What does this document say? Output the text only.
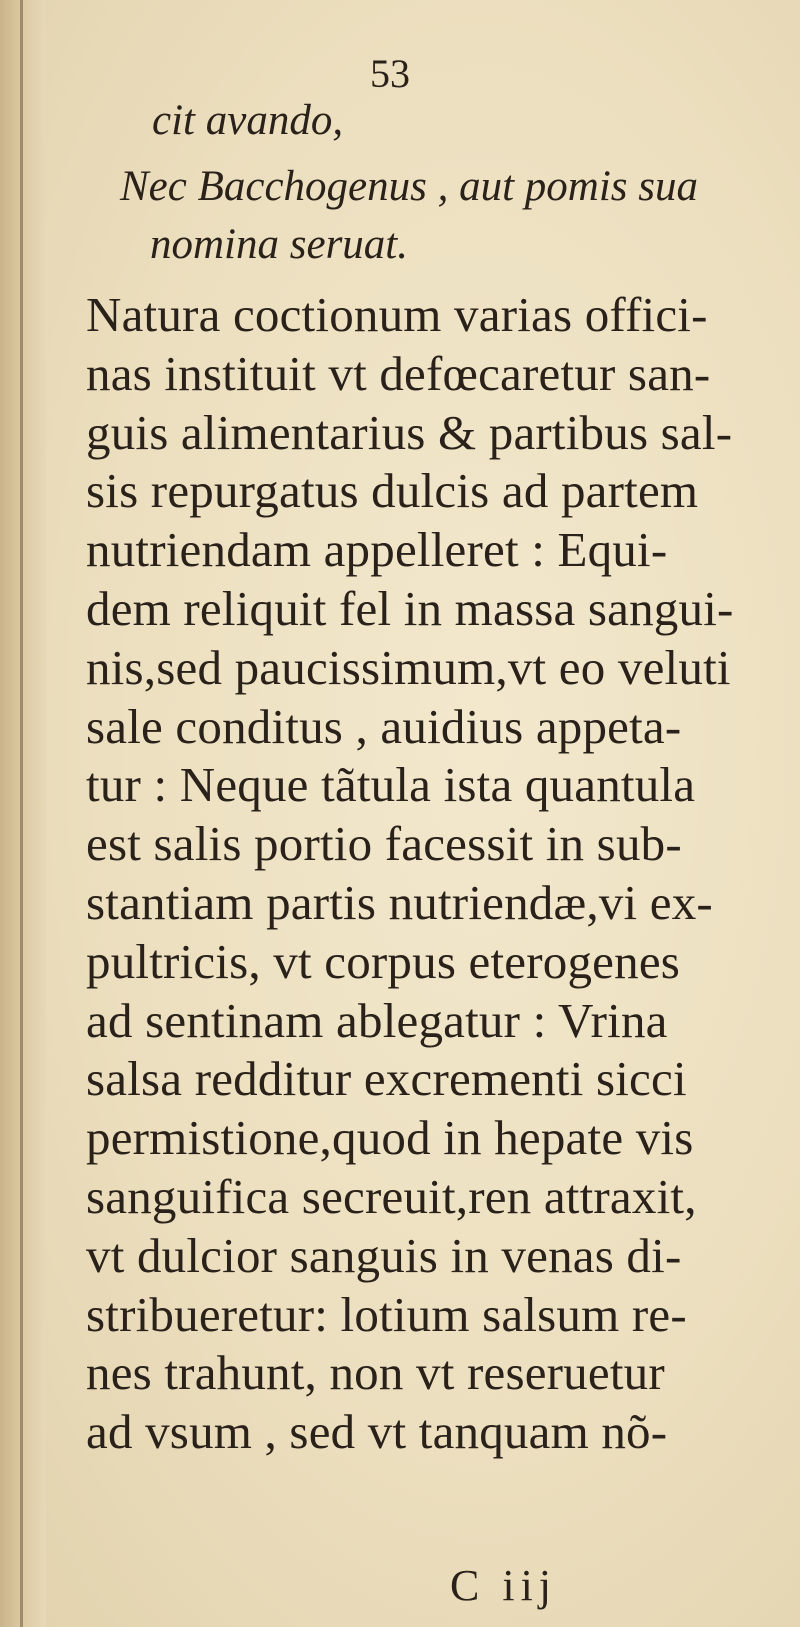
53
cit avando,
Nec Bacchogenus , aut pomis sua
nomina seruat.
Natura coctionum varias offici-
nas instituit vt defœcaretur san-
guis alimentarius & partibus sal-
sis repurgatus dulcis ad partem
nutriendam appelleret : Equi-
dem reliquit fel in massa sangui-
nis,sed paucissimum,vt eo veluti
sale conditus , auidius appeta-
tur : Neque tãtula ista quantula
est salis portio facessit in sub-
stantiam partis nutriendæ,vi ex-
pultricis, vt corpus eterogenes
ad sentinam ablegatur : Vrina
salsa redditur excrementi sicci
permistione,quod in hepate vis
sanguifica secreuit,ren attraxit,
vt dulcior sanguis in venas di-
stribueretur: lotium salsum re-
nes trahunt, non vt reseruetur
ad vsum , sed vt tanquam nõ-
C iij
